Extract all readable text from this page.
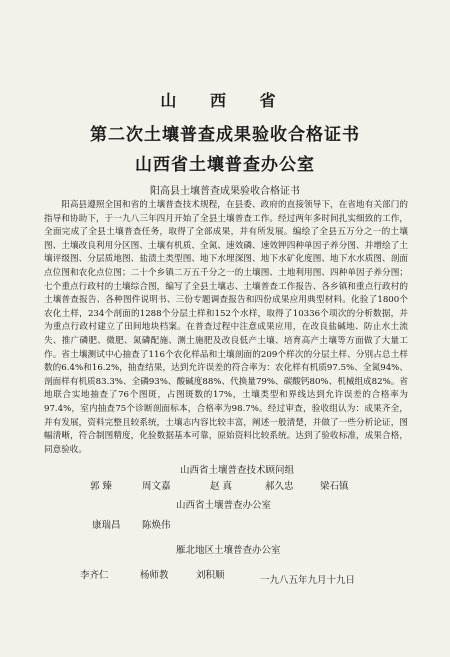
山 西 省
第二次土壤普查成果验收合格证书
山西省土壤普查办公室
阳高县土壤普查成果验收合格证书

阳高县遵照全国和省的土壤普查技术规程，在县委、政府的直接领导下，在省地有关部门的指导和协助下，于一九八三年四月开始了全县土壤普查工作。经过两年多时间扎实细致的工作，全面完成了全县土壤普查任务，取得了全部成果，并有所发展。编绘了全县五万分之一的土壤图、土壤改良利用分区图、土壤有机质、全氮、速效磷、速效钾四种单因子养分图、并增绘了土壤评级图、分层质地图、盐渍土类型图、地下水埋深图、地下水矿化度图、地下水水质图、剖面点位图和农化点位图；二十个乡镇二万五千分之一的土壤图、土地利用图、四种单因子养分图；七个重点行政村的土壤综合图，编写了全县土壤志、土壤普查工作报告、各乡镇和重点行政村的土壤普查报告、各种图件说明书、三份专题调查报告和四份成果应用典型材料。化验了1800个农化土样，234个剖面的1288个分层土样和152个水样，取得了10336个项次的分析数据，并为重点行政村建立了田间地块档案。在普查过程中注意成果应用，在改良盐碱地、防止水土流失、推广磷肥、微肥、氮磷配施、测土施肥及改良低产土壤、培育高产土壤等方面做了大量工作。省土壤测试中心抽查了116个农化样品和土壤剖面的209个样次的分层土样、分别占总土样数的6.4%和16.2%，抽查结果，达到允许误差的符合率为：农化样有机质97.5%、全氮94%、剖面样有机质83.3%、全磷93%、酸碱度88%、代换量79%、碳酸钙80%、机械组成82%。省地联合实地抽查了76个图斑，占图斑数的17%，土壤类型和界线达到允许误差的合格率为97.4%，室内抽查75个诊断剖面标本，合格率为98.7%。经过审查，验收组认为：成果齐全，并有发展，资料完整且较系统，土壤志内容比较丰富，阐述一般清楚，并做了一些分析论证，图幅清晰，符合制图精度，化验数据基本可靠，原始资料比较系统。达到了验收标准，成果合格，同意验收。

山西省土壤普查技术顾问组
郭 臻	周文嘉	赵 真	郝久忠	梁石镇
山西省土壤普查办公室
康瑞昌 陈焕伟
雁北地区土壤普查办公室
李齐仁	杨师教	刘积顺	一九八五年九月十九日
